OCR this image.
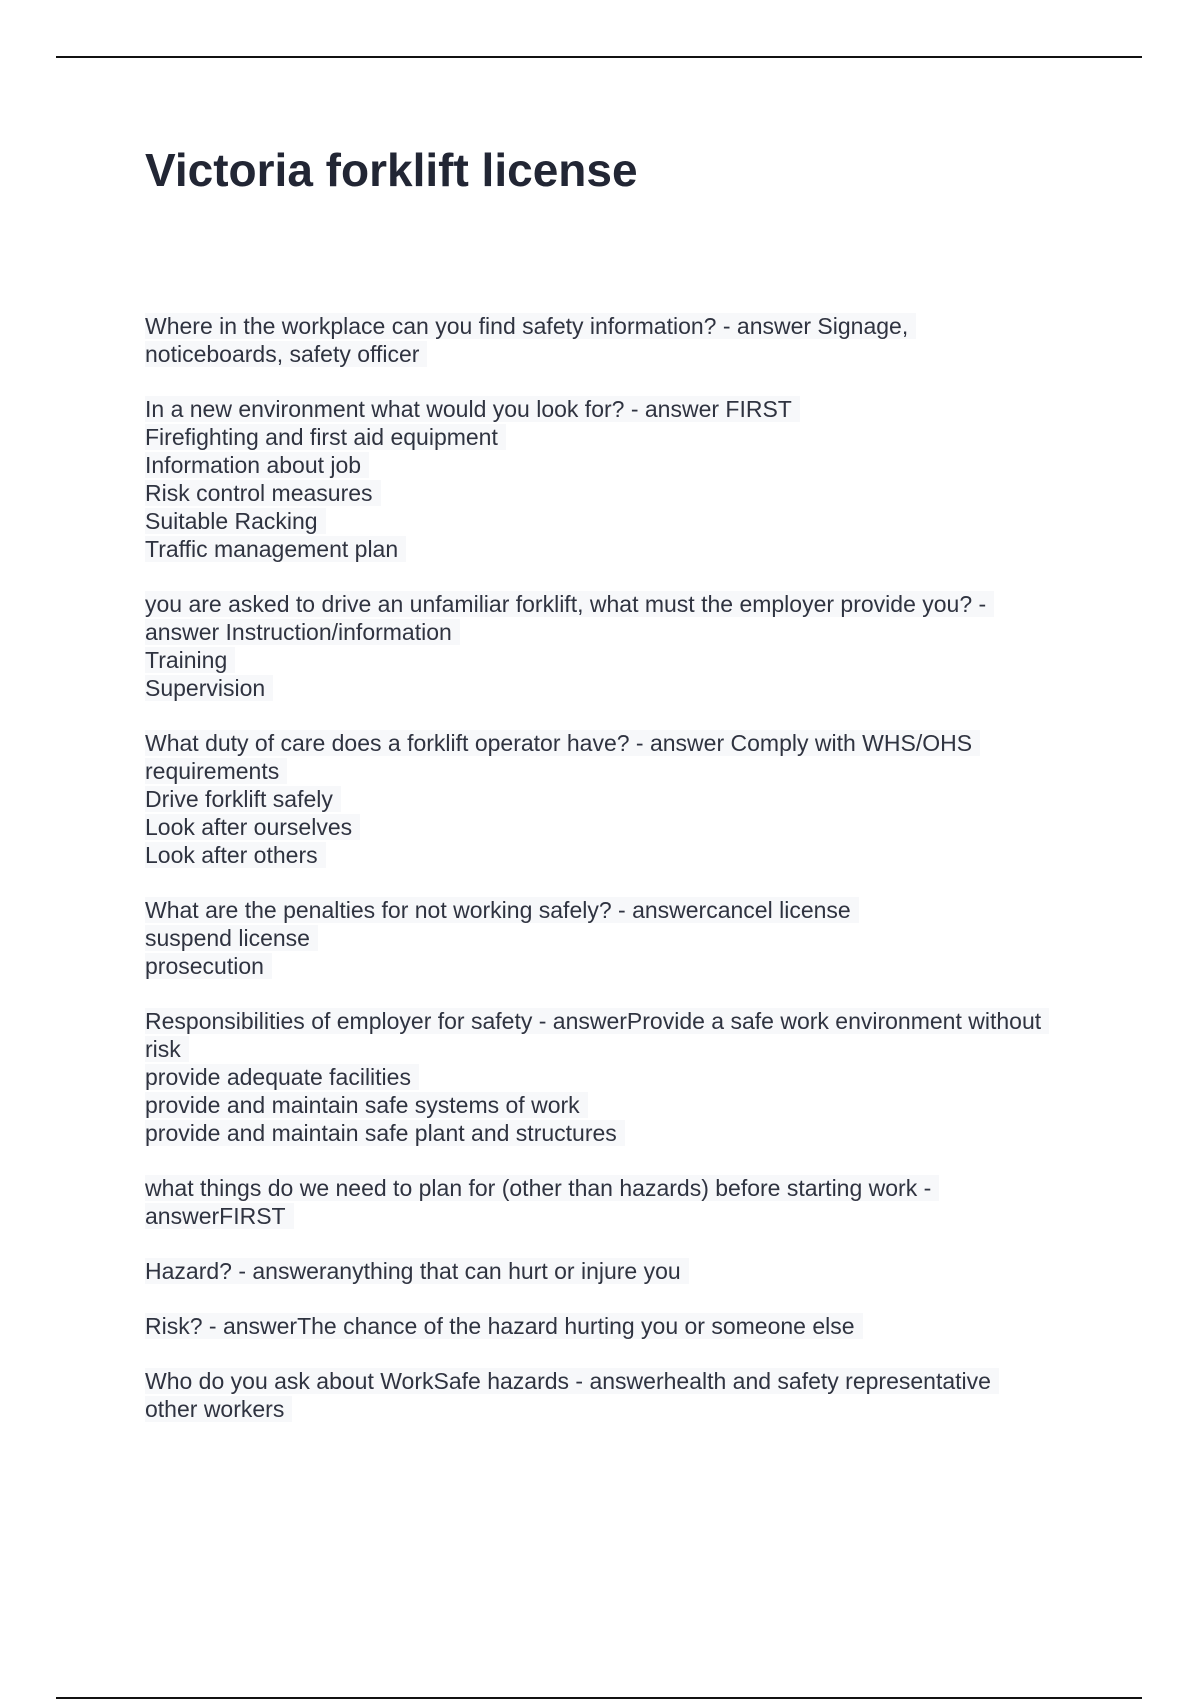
Victoria forklift license
Where in the workplace can you find safety information? - answer Signage,
noticeboards, safety officer
In a new environment what would you look for? - answer FIRST
Firefighting and first aid equipment
Information about job
Risk control measures
Suitable Racking
Traffic management plan
you are asked to drive an unfamiliar forklift, what must the employer provide you? -
answer Instruction/information
Training
Supervision
What duty of care does a forklift operator have? - answer Comply with WHS/OHS
requirements
Drive forklift safely
Look after ourselves
Look after others
What are the penalties for not working safely? - answercancel license
suspend license
prosecution
Responsibilities of employer for safety - answerProvide a safe work environment without
risk
provide adequate facilities
provide and maintain safe systems of work
provide and maintain safe plant and structures
what things do we need to plan for (other than hazards) before starting work -
answerFIRST
Hazard? - answeranything that can hurt or injure you
Risk? - answerThe chance of the hazard hurting you or someone else
Who do you ask about WorkSafe hazards - answerhealth and safety representative
other workers
